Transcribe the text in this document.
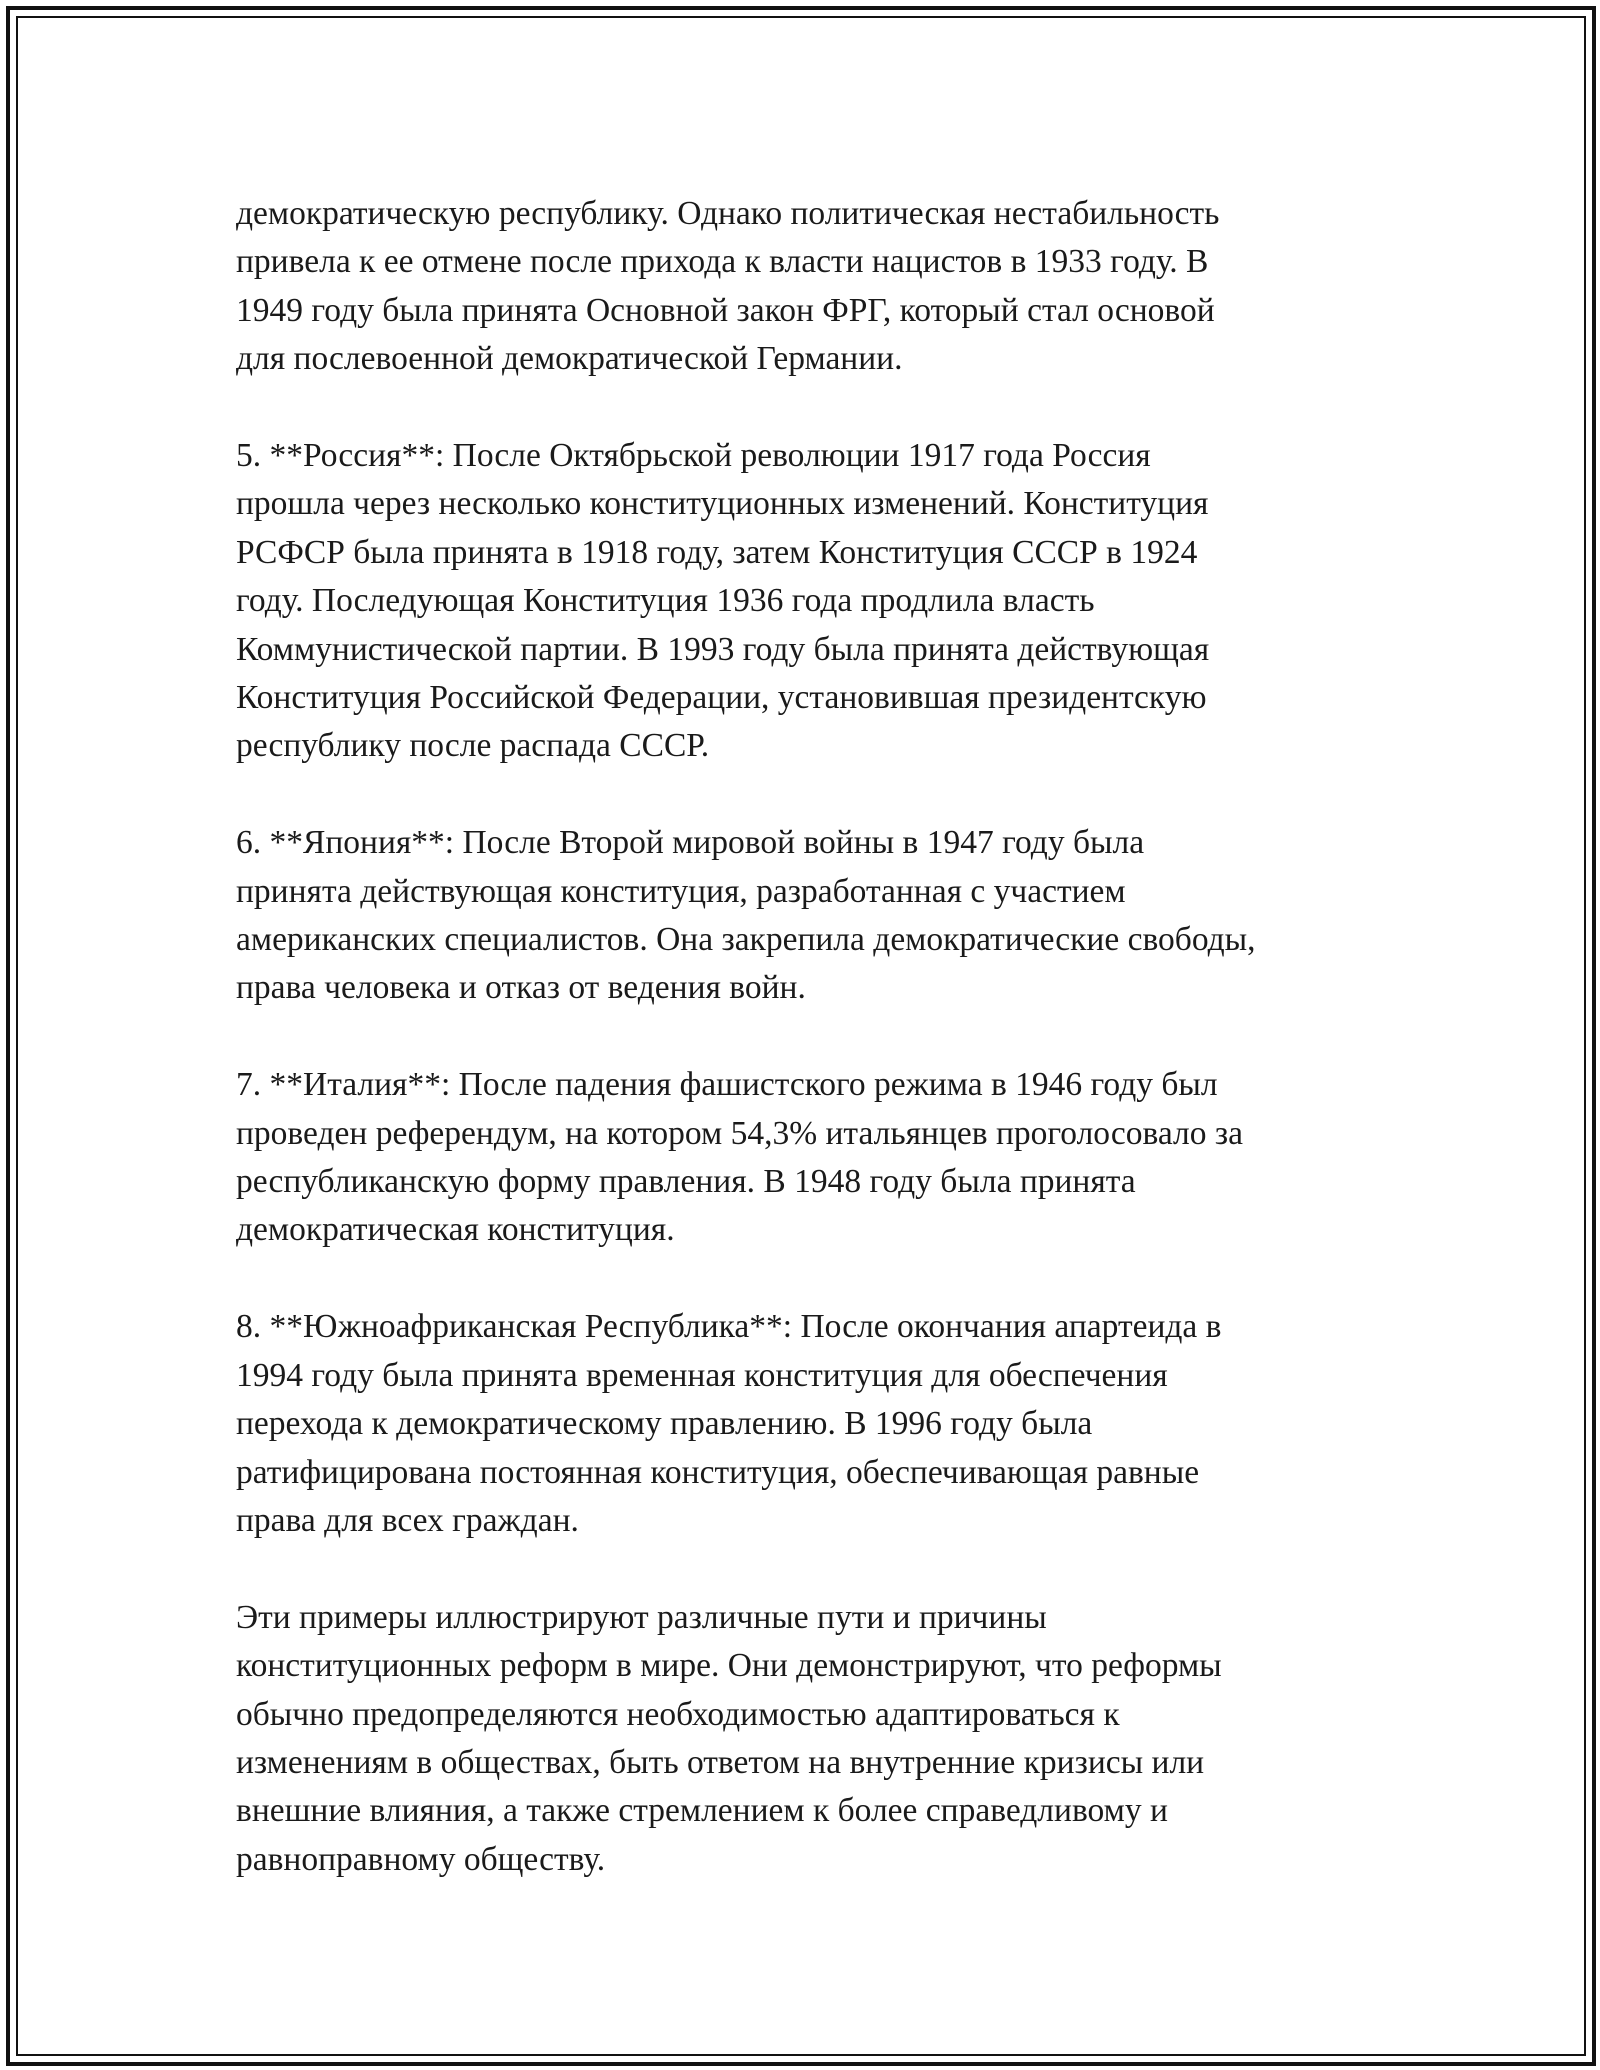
демократическую республику. Однако политическая нестабильность
привела к ее отмене после прихода к власти нацистов в 1933 году. В
1949 году была принята Основной закон ФРГ, который стал основой
для послевоенной демократической Германии.

5. **Россия**: После Октябрьской революции 1917 года Россия
прошла через несколько конституционных изменений. Конституция
РСФСР была принята в 1918 году, затем Конституция СССР в 1924
году. Последующая Конституция 1936 года продлила власть
Коммунистической партии. В 1993 году была принята действующая
Конституция Российской Федерации, установившая президентскую
республику после распада СССР.

6. **Япония**: После Второй мировой войны в 1947 году была
принята действующая конституция, разработанная с участием
американских специалистов. Она закрепила демократические свободы,
права человека и отказ от ведения войн.

7. **Италия**: После падения фашистского режима в 1946 году был
проведен референдум, на котором 54,3% итальянцев проголосовало за
республиканскую форму правления. В 1948 году была принята
демократическая конституция.

8. **Южноафриканская Республика**: После окончания апартеида в
1994 году была принята временная конституция для обеспечения
перехода к демократическому правлению. В 1996 году была
ратифицирована постоянная конституция, обеспечивающая равные
права для всех граждан.

Эти примеры иллюстрируют различные пути и причины
конституционных реформ в мире. Они демонстрируют, что реформы
обычно предопределяются необходимостью адаптироваться к
изменениям в обществах, быть ответом на внутренние кризисы или
внешние влияния, а также стремлением к более справедливому и
равноправному обществу.
